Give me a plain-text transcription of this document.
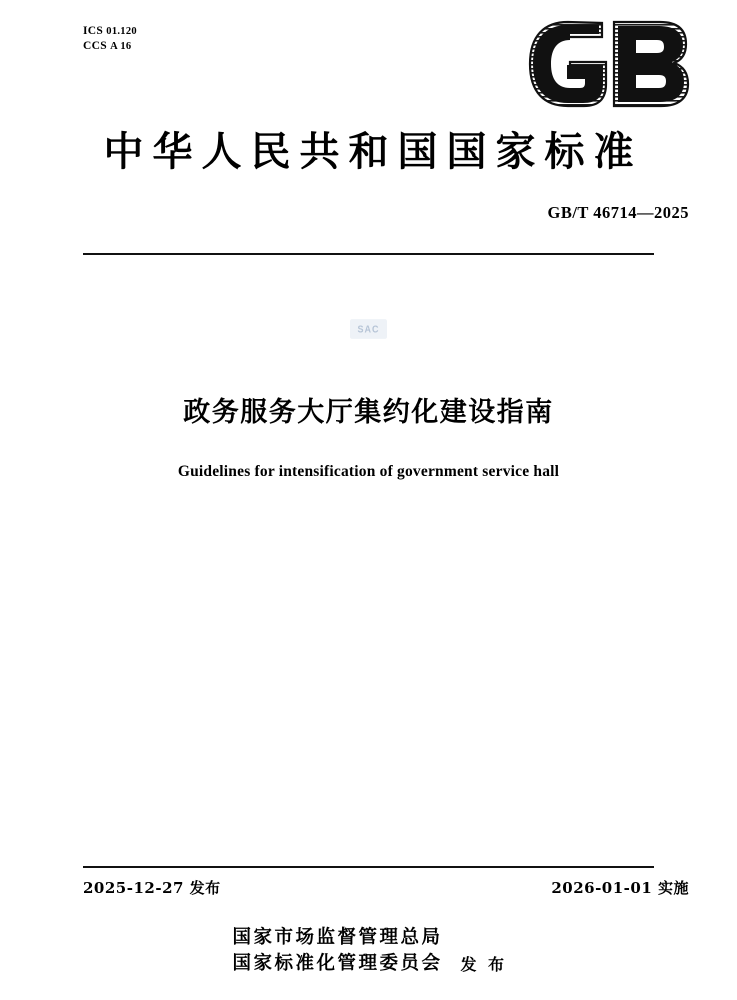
ICS 01.120
CCS A 16
中华人民共和国国家标准
GB/T 46714—2025
SAC
政务服务大厅集约化建设指南
Guidelines for intensification of government service hall
2025-12-27 发布	2026-01-01 实施
国家市场监督管理总局
国家标准化管理委员会 发 布
